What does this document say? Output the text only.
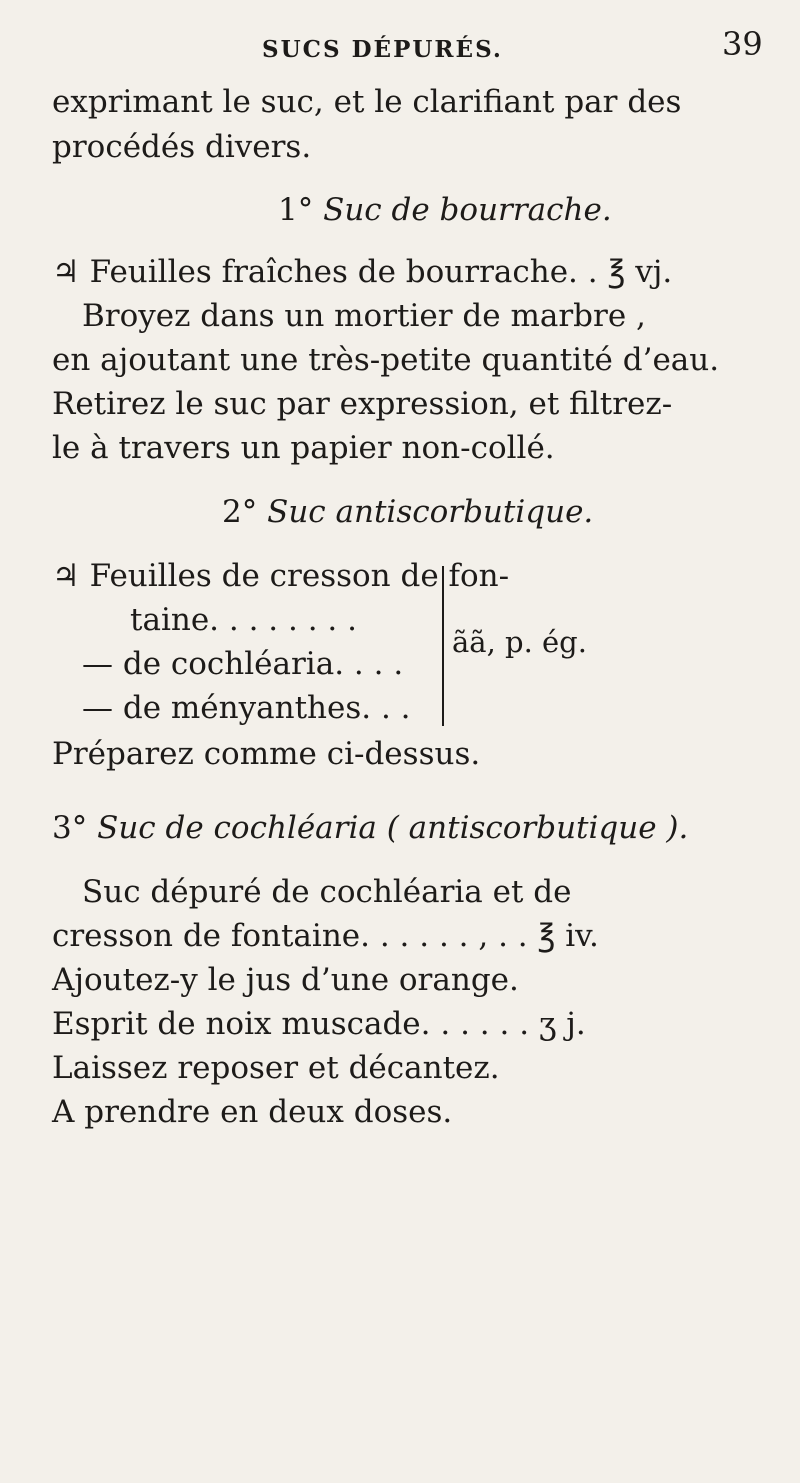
SUCS DÉPURÉS.	39
exprimant le suc, et le clarifiant par des
procédés divers.
1° Suc de bourrache.
♃ Feuilles fraîches de bourrache. . ℥ vj.
Broyez dans un mortier de marbre ,
en ajoutant une très-petite quantité d’eau.
Retirez le suc par expression, et filtrez-
le à travers un papier non-collé.
2° Suc antiscorbutique.
♃ Feuilles de cresson de fon-
taine. . . . . . . .
— de cochléaria. . . .
— de ményanthes. . .
ãã, p. ég.
Préparez comme ci-dessus.
3° Suc de cochléaria ( antiscorbutique ).
Suc dépuré de cochléaria et de
cresson de fontaine. . . . . . , . . ℥ iv.
Ajoutez-y le jus d’une orange.
Esprit de noix muscade. . . . . . ʒ j.
Laissez reposer et décantez.
A prendre en deux doses.
